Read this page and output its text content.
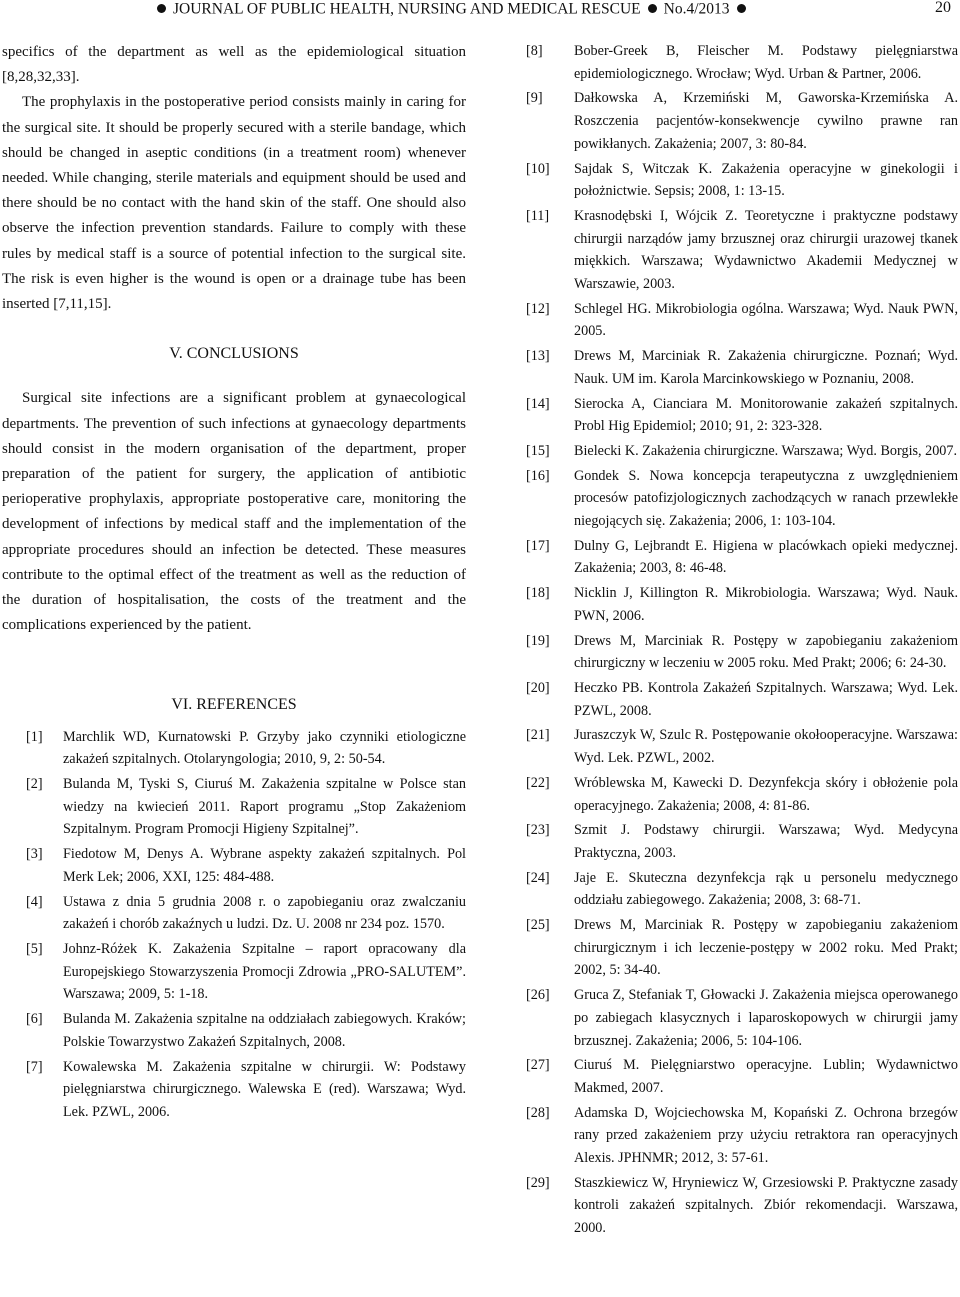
JOURNAL OF PUBLIC HEALTH, NURSING AND MEDICAL RESCUE No.4/2013	20

specifics of the department as well as the epidemiological situation [8,28,32,33].

The prophylaxis in the postoperative period consists mainly in caring for the surgical site. It should be properly secured with a sterile bandage, which should be changed in aseptic conditions (in a treatment room) whenever needed. While changing, sterile materials and equipment should be used and there should be no contact with the hand skin of the staff. One should also observe the infection prevention standards. Failure to comply with these rules by medical staff is a source of potential infection to the surgical site. The risk is even higher is the wound is open or a drainage tube has been inserted [7,11,15].

V. CONCLUSIONS

Surgical site infections are a significant problem at gynaecological departments. The prevention of such infections at gynaecology departments should consist in the modern organisation of the department, proper preparation of the patient for surgery, the application of antibiotic perioperative prophylaxis, appropriate postoperative care, monitoring the development of infections by medical staff and the implementation of the appropriate procedures should an infection be detected. These measures contribute to the optimal effect of the treatment as well as the reduction of the duration of hospitalisation, the costs of the treatment and the complications experienced by the patient.

VI. REFERENCES
[1]	Marchlik WD, Kurnatowski P. Grzyby jako czynniki etiologiczne zakażeń szpitalnych. Otolaryngologia; 2010, 9, 2: 50-54.
[2]	Bulanda M, Tyski S, Ciuruś M. Zakażenia szpitalne w Polsce stan wiedzy na kwiecień 2011. Raport programu „Stop Zakażeniom Szpitalnym. Program Promocji Higieny Szpitalnej”.
[3]	Fiedotow M, Denys A. Wybrane aspekty zakażeń szpitalnych. Pol Merk Lek; 2006, XXI, 125: 484-488.
[4]	Ustawa z dnia 5 grudnia 2008 r. o zapobieganiu oraz zwalczaniu zakażeń i chorób zakaźnych u ludzi. Dz. U. 2008 nr 234 poz. 1570.
[5]	Johnz-Różek K. Zakażenia Szpitalne – raport opracowany dla Europejskiego Stowarzyszenia Promocji Zdrowia „PRO-SALUTEM”. Warszawa; 2009, 5: 1-18.
[6]	Bulanda M. Zakażenia szpitalne na oddziałach zabiegowych. Kraków; Polskie Towarzystwo Zakażeń Szpitalnych, 2008.
[7]	Kowalewska M. Zakażenia szpitalne w chirurgii. W: Podstawy pielęgniarstwa chirurgicznego. Walewska E (red). Warszawa; Wyd. Lek. PZWL, 2006.
[8]	Bober-Greek B, Fleischer M. Podstawy pielęgniarstwa epidemiologicznego. Wrocław; Wyd. Urban & Partner, 2006.
[9]	Dałkowska A, Krzemiński M, Gaworska-Krzemińska A. Roszczenia pacjentów-konsekwencje cywilno prawne ran powikłanych. Zakażenia; 2007, 3: 80-84.
[10]	Sajdak S, Witczak K. Zakażenia operacyjne w ginekologii i położnictwie. Sepsis; 2008, 1: 13-15.
[11]	Krasnodębski I, Wójcik Z. Teoretyczne i praktyczne podstawy chirurgii narządów jamy brzusznej oraz chirurgii urazowej tkanek miękkich. Warszawa; Wydawnictwo Akademii Medycznej w Warszawie, 2003.
[12]	Schlegel HG. Mikrobiologia ogólna. Warszawa; Wyd. Nauk PWN, 2005.
[13]	Drews M, Marciniak R. Zakażenia chirurgiczne. Poznań; Wyd. Nauk. UM im. Karola Marcinkowskiego w Poznaniu, 2008.
[14]	Sierocka A, Cianciara M. Monitorowanie zakażeń szpitalnych. Probl Hig Epidemiol; 2010; 91, 2: 323-328.
[15]	Bielecki K. Zakażenia chirurgiczne. Warszawa; Wyd. Borgis, 2007.
[16]	Gondek S. Nowa koncepcja terapeutyczna z uwzględnieniem procesów patofizjologicznych zachodzących w ranach przewlekłe niegojących się. Zakażenia; 2006, 1: 103-104.
[17]	Dulny G, Lejbrandt E. Higiena w placówkach opieki medycznej. Zakażenia; 2003, 8: 46-48.
[18]	Nicklin J, Killington R. Mikrobiologia. Warszawa; Wyd. Nauk. PWN, 2006.
[19]	Drews M, Marciniak R. Postępy w zapobieganiu zakażeniom chirurgiczny w leczeniu w 2005 roku. Med Prakt; 2006; 6: 24-30.
[20]	Heczko PB. Kontrola Zakażeń Szpitalnych. Warszawa; Wyd. Lek. PZWL, 2008.
[21]	Juraszczyk W, Szulc R. Postępowanie okołooperacyjne. Warszawa: Wyd. Lek. PZWL, 2002.
[22]	Wróblewska M, Kawecki D. Dezynfekcja skóry i obłożenie pola operacyjnego. Zakażenia; 2008, 4: 81-86.
[23]	Szmit J. Podstawy chirurgii. Warszawa; Wyd. Medycyna Praktyczna, 2003.
[24]	Jaje E. Skuteczna dezynfekcja rąk u personelu medycznego oddziału zabiegowego. Zakażenia; 2008, 3: 68-71.
[25]	Drews M, Marciniak R. Postępy w zapobieganiu zakażeniom chirurgicznym i ich leczenie-postępy w 2002 roku. Med Prakt; 2002, 5: 34-40.
[26]	Gruca Z, Stefaniak T, Głowacki J. Zakażenia miejsca operowanego po zabiegach klasycznych i laparoskopowych w chirurgii jamy brzusznej. Zakażenia; 2006, 5: 104-106.
[27]	Ciuruś M. Pielęgniarstwo operacyjne. Lublin; Wydawnictwo Makmed, 2007.
[28]	Adamska D, Wojciechowska M, Kopański Z. Ochrona brzegów rany przed zakażeniem przy użyciu retraktora ran operacyjnych Alexis. JPHNMR; 2012, 3: 57-61.
[29]	Staszkiewicz W, Hryniewicz W, Grzesiowski P. Praktyczne zasady kontroli zakażeń szpitalnych. Zbiór rekomendacji. Warszawa, 2000.
